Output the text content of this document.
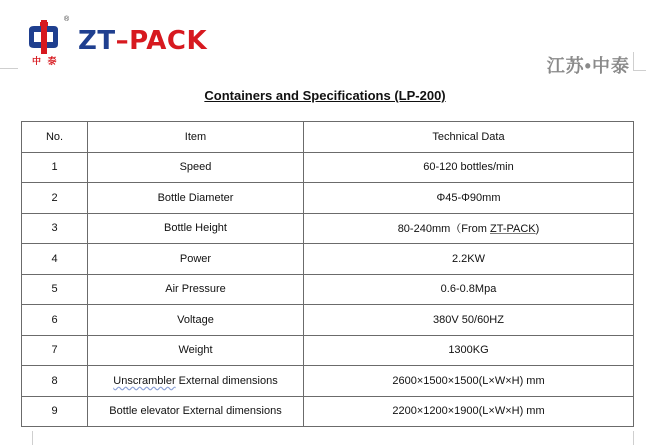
®
ZT–PACK
中 泰	江苏•中泰
Containers and Specifications (LP-200)
No.	Item	Technical Data
1	Speed	60-120 bottles/min
2	Bottle Diameter	Φ45-Φ90mm
3	Bottle Height	80-240mm（From ZT-PACK)
4	Power	2.2KW
5	Air Pressure	0.6-0.8Mpa
6	Voltage	380V 50/60HZ
7	Weight	1300KG
8	Unscrambler External dimensions	2600×1500×1500(L×W×H) mm
9	Bottle elevator External dimensions	2200×1200×1900(L×W×H) mm
